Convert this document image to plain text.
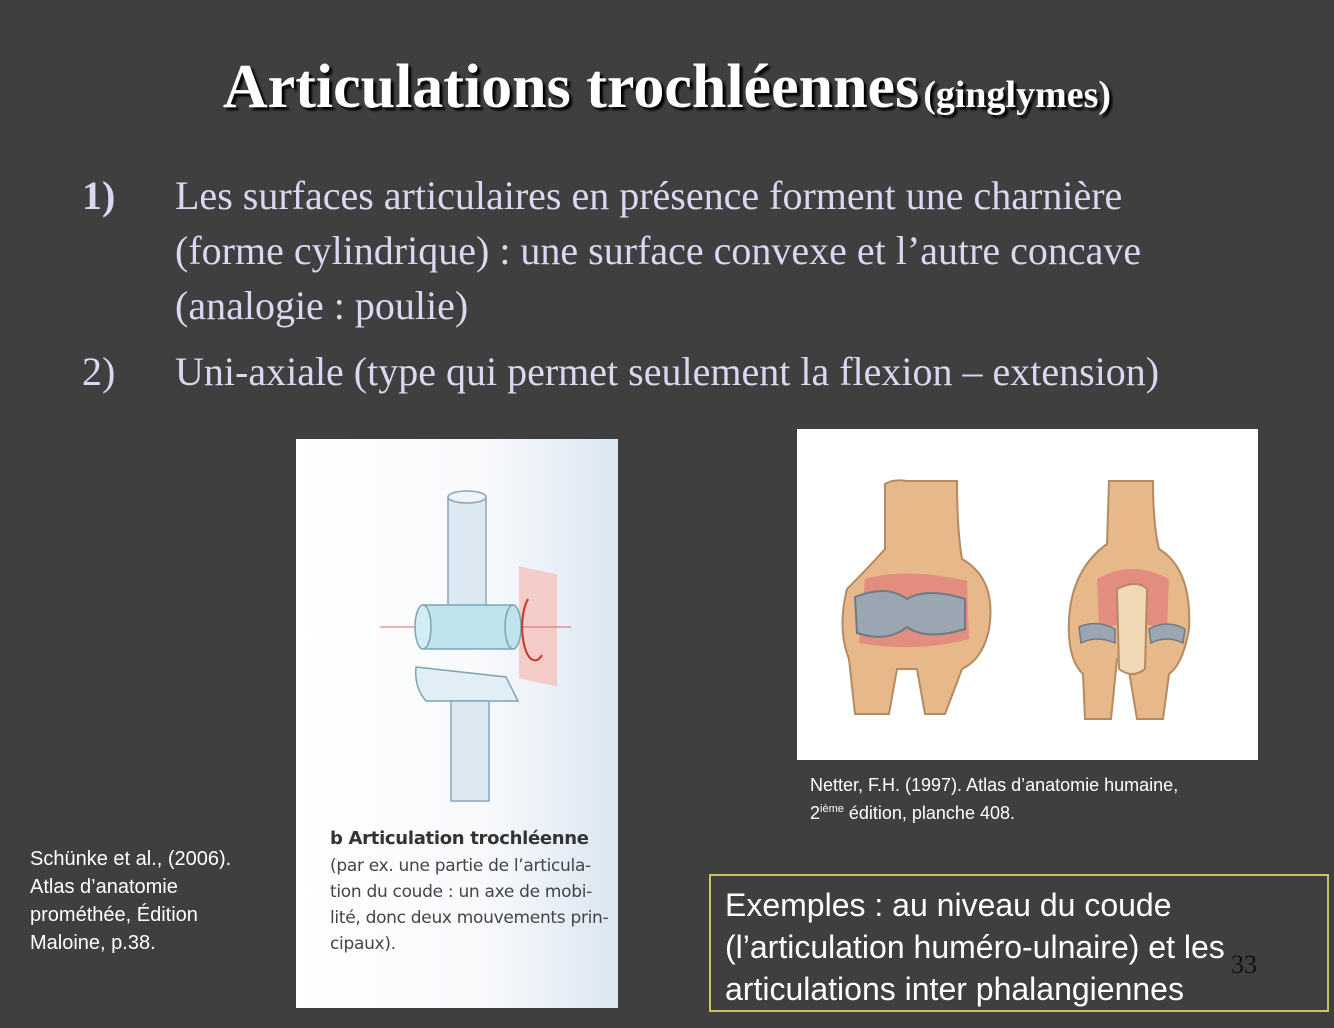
Articulations trochléennes (ginglymes)
1) Les surfaces articulaires en présence forment une charnière
(forme cylindrique) : une surface convexe et l’autre concave
(analogie : poulie)
2) Uni-axiale (type qui permet seulement la flexion – extension)
b Articulation trochléenne
(par ex. une partie de l’articula-
tion du coude : un axe de mobi-
lité, donc deux mouvements prin-
cipaux).
Netter, F.H. (1997). Atlas d’anatomie humaine,
2ième édition, planche 408.
Schünke et al., (2006).
Atlas d’anatomie
prométhée, Édition
Maloine, p.38.
Exemples : au niveau du coude
(l’articulation huméro-ulnaire) et les
articulations inter phalangiennes
33
